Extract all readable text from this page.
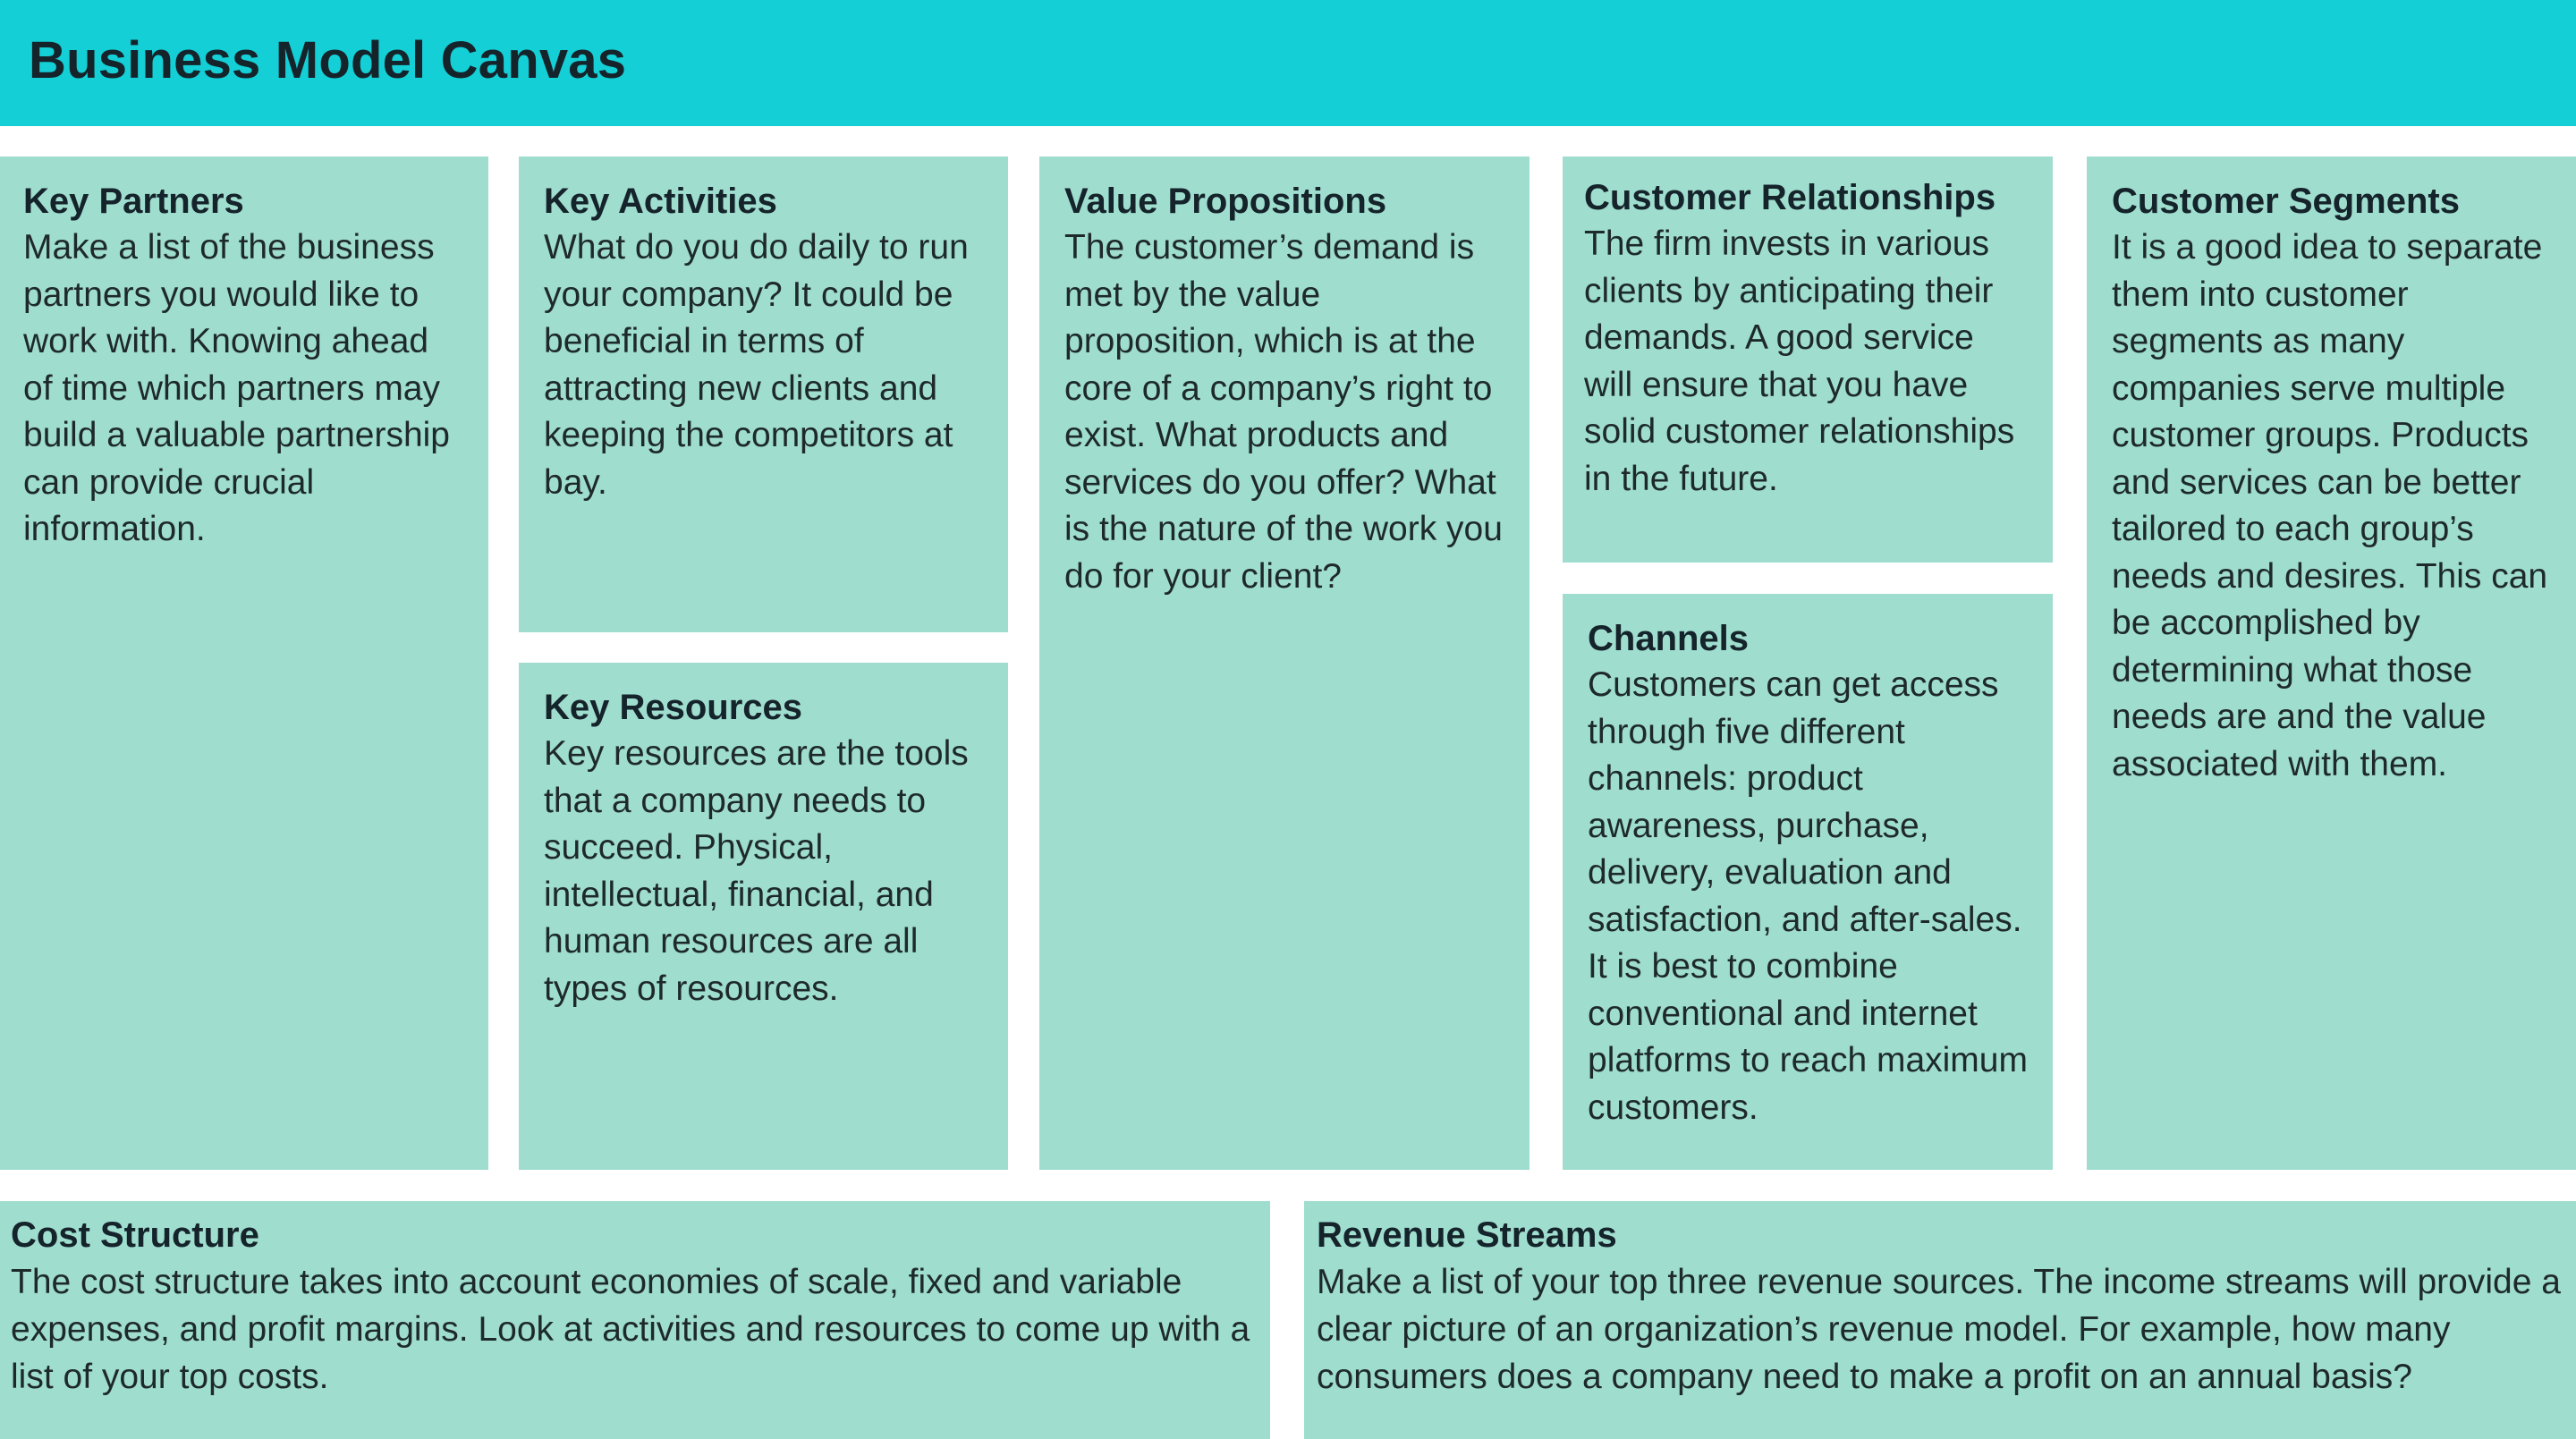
Business Model Canvas
Key Partners
Make a list of the business partners you would like to work with. Knowing ahead of time which partners may build a valuable partnership can provide crucial information.
Key Activities
What do you do daily to run your company? It could be beneficial in terms of attracting new clients and keeping the competitors at bay.
Key Resources
Key resources are the tools that a company needs to succeed. Physical, intellectual, financial, and human resources are all types of resources.
Value Propositions
The customer’s demand is met by the value proposition, which is at the core of a company’s right to exist. What products and services do you offer? What is the nature of the work you do for your client?
Customer Relationships
The firm invests in various clients by anticipating their demands. A good service will ensure that you have solid customer relationships in the future.
Channels
Customers can get access through five different channels: product awareness, purchase, delivery, evaluation and satisfaction, and after-sales. It is best to combine conventional and internet platforms to reach maximum customers.
Customer Segments
It is a good idea to separate them into customer segments as many companies serve multiple customer groups. Products and services can be better tailored to each group’s needs and desires. This can be accomplished by determining what those needs are and the value associated with them.
Cost Structure
The cost structure takes into account economies of scale, fixed and variable expenses, and profit margins. Look at activities and resources to come up with a list of your top costs.
Revenue Streams
Make a list of your top three revenue sources. The income streams will provide a clear picture of an organization’s revenue model. For example, how many consumers does a company need to make a profit on an annual basis?
